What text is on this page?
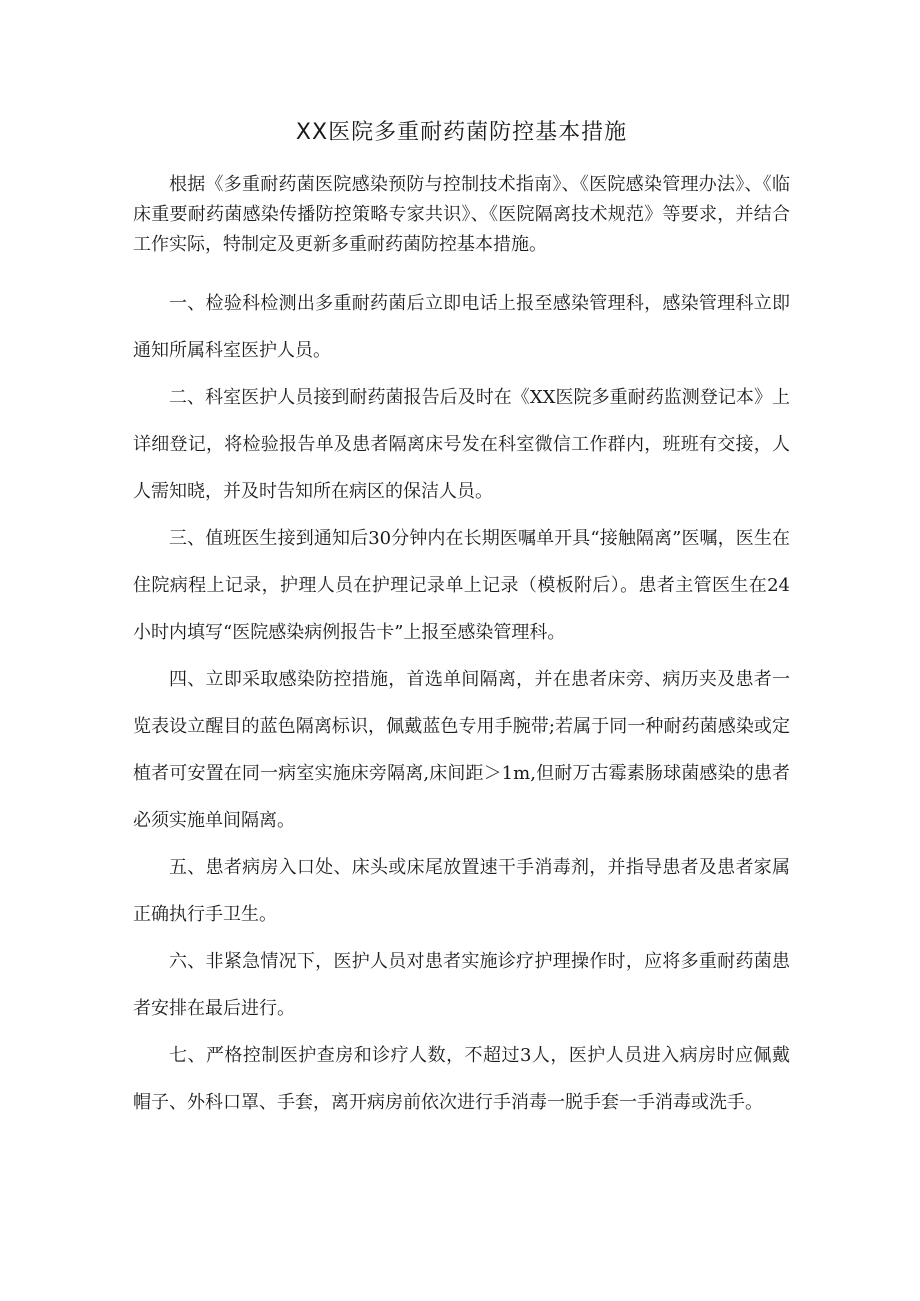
XX医院多重耐药菌防控基本措施

根据《多重耐药菌医院感染预防与控制技术指南》、《医院感染管理办法》、《临床重要耐药菌感染传播防控策略专家共识》、《医院隔离技术规范》等要求，并结合工作实际，特制定及更新多重耐药菌防控基本措施。

一、检验科检测出多重耐药菌后立即电话上报至感染管理科，感染管理科立即通知所属科室医护人员。

二、科室医护人员接到耐药菌报告后及时在《XX医院多重耐药监测登记本》上详细登记，将检验报告单及患者隔离床号发在科室微信工作群内，班班有交接，人人需知晓，并及时告知所在病区的保洁人员。

三、值班医生接到通知后30分钟内在长期医嘱单开具“接触隔离”医嘱，医生在住院病程上记录，护理人员在护理记录单上记录（模板附后）。患者主管医生在24小时内填写“医院感染病例报告卡”上报至感染管理科。

四、立即采取感染防控措施，首选单间隔离，并在患者床旁、病历夹及患者一览表设立醒目的蓝色隔离标识，佩戴蓝色专用手腕带;若属于同一种耐药菌感染或定植者可安置在同一病室实施床旁隔离,床间距＞1m,但耐万古霉素肠球菌感染的患者必须实施单间隔离。

五、患者病房入口处、床头或床尾放置速干手消毒剂，并指导患者及患者家属正确执行手卫生。

六、非紧急情况下，医护人员对患者实施诊疗护理操作时，应将多重耐药菌患者安排在最后进行。

七、严格控制医护查房和诊疗人数，不超过3人，医护人员进入病房时应佩戴帽子、外科口罩、手套，离开病房前依次进行手消毒一脱手套一手消毒或洗手。
